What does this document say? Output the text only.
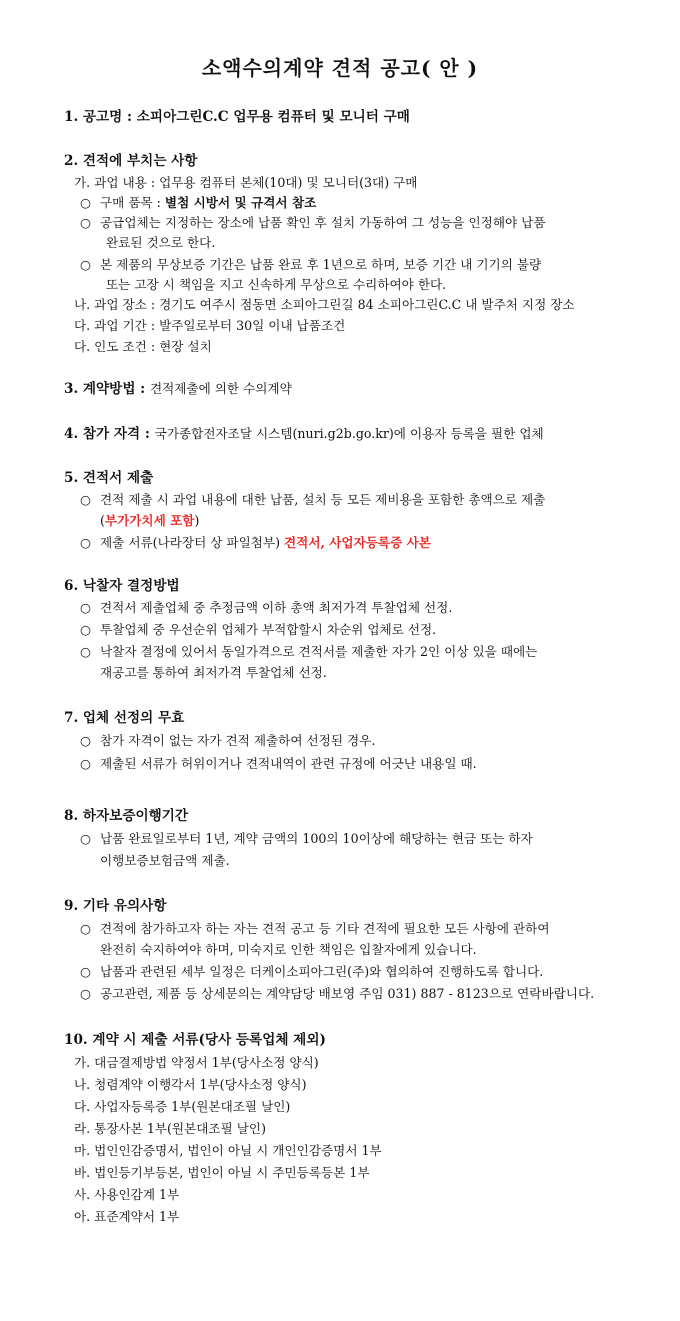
소액수의계약 견적 공고( 안 )
1. 공고명 : 소피아그린C.C 업무용 컴퓨터 및 모니터 구매
2. 견적에 부치는 사항
가. 과업 내용 : 업무용 컴퓨터 본체(10대) 및 모니터(3대) 구매
○ 구매 품목 : 별첨 시방서 및 규격서 참조
○ 공급업체는 지정하는 장소에 납품 확인 후 설치 가동하여 그 성능을 인정해야 납품
완료된 것으로 한다.
○ 본 제품의 무상보증 기간은 납품 완료 후 1년으로 하며, 보증 기간 내 기기의 불량
또는 고장 시 책임을 지고 신속하게 무상으로 수리하여야 한다.
나. 과업 장소 : 경기도 여주시 점동면 소피아그린길 84 소피아그린C.C 내 발주처 지정 장소
다. 과업 기간 : 발주일로부터 30일 이내 납품조건
다. 인도 조건 : 현장 설치
3. 계약방법 : 견적제출에 의한 수의계약
4. 참가 자격 : 국가종합전자조달 시스템(nuri.g2b.go.kr)에 이용자 등록을 필한 업체
5. 견적서 제출
○ 견적 제출 시 과업 내용에 대한 납품, 설치 등 모든 제비용을 포함한 총액으로 제출
(부가가치세 포함)
○ 제출 서류(나라장터 상 파일첨부) 견적서, 사업자등록증 사본
6. 낙찰자 결정방법
○ 견적서 제출업체 중 추정금액 이하 총액 최저가격 투찰업체 선정.
○ 투찰업체 중 우선순위 업체가 부적합할시 차순위 업체로 선정.
○ 낙찰자 결정에 있어서 동일가격으로 견적서를 제출한 자가 2인 이상 있을 때에는
재공고를 통하여 최저가격 투찰업체 선정.
7. 업체 선정의 무효
○ 참가 자격이 없는 자가 견적 제출하여 선정된 경우.
○ 제출된 서류가 허위이거나 견적내역이 관련 규정에 어긋난 내용일 때.
8. 하자보증이행기간
○ 납품 완료일로부터 1년, 계약 금액의 100의 10이상에 해당하는 현금 또는 하자
이행보증보험금액 제출.
9. 기타 유의사항
○ 견적에 참가하고자 하는 자는 견적 공고 등 기타 견적에 필요한 모든 사항에 관하여
완전히 숙지하여야 하며, 미숙지로 인한 책임은 입찰자에게 있습니다.
○ 납품과 관련된 세부 일정은 더케이소피아그린(주)와 협의하여 진행하도록 합니다.
○ 공고관련, 제품 등 상세문의는 계약담당 배보영 주임 031) 887 - 8123으로 연락바랍니다.
10. 계약 시 제출 서류(당사 등록업체 제외)
가. 대금결제방법 약정서 1부(당사소정 양식)
나. 청렴계약 이행각서 1부(당사소정 양식)
다. 사업자등록증 1부(원본대조필 날인)
라. 통장사본 1부(원본대조필 날인)
마. 법인인감증명서, 법인이 아닐 시 개인인감증명서 1부
바. 법인등기부등본, 법인이 아닐 시 주민등록등본 1부
사. 사용인감계 1부
아. 표준계약서 1부
